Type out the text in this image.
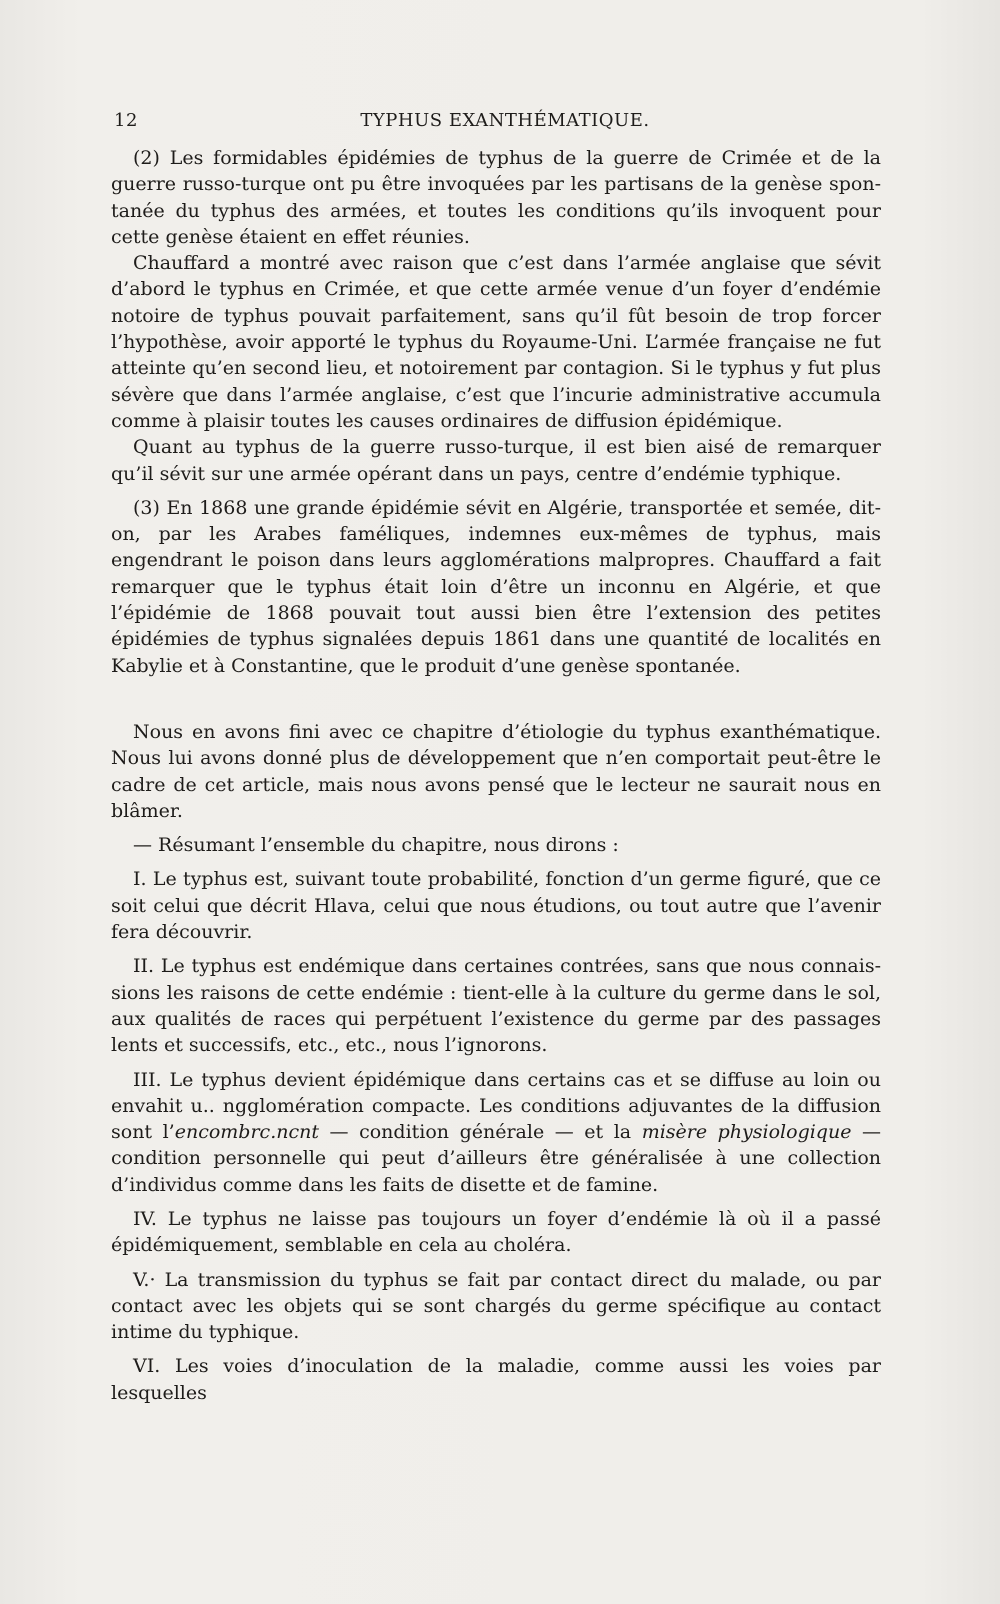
12	TYPHUS EXANTHÉMATIQUE.

(2) Les formidables épidémies de typhus de la guerre de Crimée et de la guerre russo-turque ont pu être invoquées par les partisans de la genèse spontanée du typhus des armées, et toutes les conditions qu’ils invoquent pour cette genèse étaient en effet réunies.

Chauffard a montré avec raison que c’est dans l’armée anglaise que sévit d’abord le typhus en Crimée, et que cette armée venue d’un foyer d’endémie notoire de typhus pouvait parfaitement, sans qu’il fût besoin de trop forcer l’hypothèse, avoir apporté le typhus du Royaume-Uni. L’armée française ne fut atteinte qu’en second lieu, et notoirement par contagion. Si le typhus y fut plus sévère que dans l’armée anglaise, c’est que l’incurie administrative accumula comme à plaisir toutes les causes ordinaires de diffusion épidémique.

Quant au typhus de la guerre russo-turque, il est bien aisé de remarquer qu’il sévit sur une armée opérant dans un pays, centre d’endémie typhique.

(3) En 1868 une grande épidémie sévit en Algérie, transportée et semée, dit-on, par les Arabes faméliques, indemnes eux-mêmes de typhus, mais engendrant le poison dans leurs agglomérations malpropres. Chauffard a fait remarquer que le typhus était loin d’être un inconnu en Algérie, et que l’épidémie de 1868 pouvait tout aussi bien être l’extension des petites épidémies de typhus signalées depuis 1861 dans une quantité de localités en Kabylie et à Constantine, que le produit d’une genèse spontanée.

Nous en avons fini avec ce chapitre d’étiologie du typhus exanthématique. Nous lui avons donné plus de développement que n’en comportait peut-être le cadre de cet article, mais nous avons pensé que le lecteur ne saurait nous en blâmer.

— Résumant l’ensemble du chapitre, nous dirons :

I. Le typhus est, suivant toute probabilité, fonction d’un germe figuré, que ce soit celui que décrit Hlava, celui que nous étudions, ou tout autre que l’avenir fera découvrir.

II. Le typhus est endémique dans certaines contrées, sans que nous connaissions les raisons de cette endémie : tient-elle à la culture du germe dans le sol, aux qualités de races qui perpétuent l’existence du germe par des passages lents et successifs, etc., etc., nous l’ignorons.

III. Le typhus devient épidémique dans certains cas et se diffuse au loin ou envahit u.. ngglomération compacte. Les conditions adjuvantes de la diffusion sont l’encombrc.ncnt — condition générale — et la misère physiologique — condition personnelle qui peut d’ailleurs être généralisée à une collection d’individus comme dans les faits de disette et de famine.

IV. Le typhus ne laisse pas toujours un foyer d’endémie là où il a passé épidémiquement, semblable en cela au choléra.

V.· La transmission du typhus se fait par contact direct du malade, ou par contact avec les objets qui se sont chargés du germe spécifique au contact intime du typhique.

VI. Les voies d’inoculation de la maladie, comme aussi les voies par lesquelles
